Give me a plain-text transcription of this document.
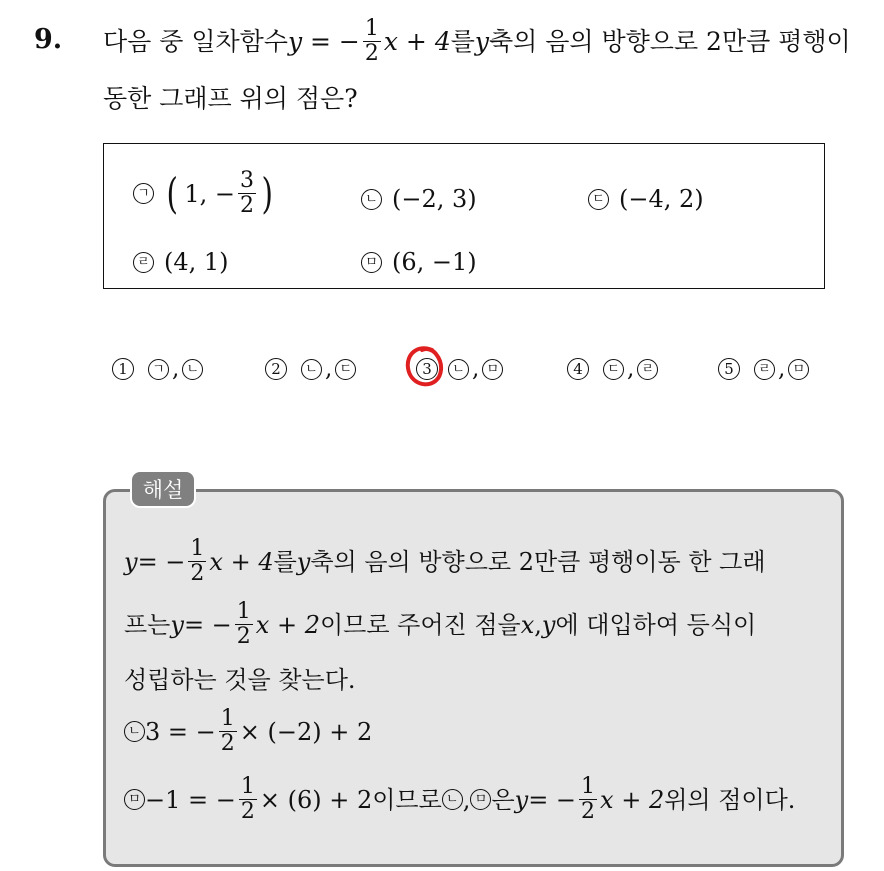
9. 다음 중 일차함수 y = − $\frac{1}{2}$ x + 4 를 y 축의 음의 방향으로 2만큼 평행이
동한 그래프 위의 점은?
ㄱ ( 1, − $\frac{3}{2}$ )	ㄴ (−2, 3)	ㄷ (−4, 2)
ㄹ (4, 1)	ㅁ (6, −1)
1	ㄱ , ㄴ	2	ㄴ , ㄷ	3	ㄴ , ㅁ	4	ㄷ , ㄹ	5	ㄹ , ㅁ
해설
y = − $\frac{1}{2}$ x + 4 를 y 축의 음의 방향으로 2만큼 평행이동 한 그래
프는 y = − $\frac{1}{2}$ x + 2 이므로 주어진 점을 x , y 에 대입하여 등식이
성립하는 것을 찾는다.
ㄴ 3 = − $\frac{1}{2} \times (-2) + 2$
ㅁ −1 = − $\frac{1}{2} \times (6) + 2$ 이므로 ㄴ , ㅁ 은 y = − $\frac{1}{2}$ x + 2 위의 점이다.
